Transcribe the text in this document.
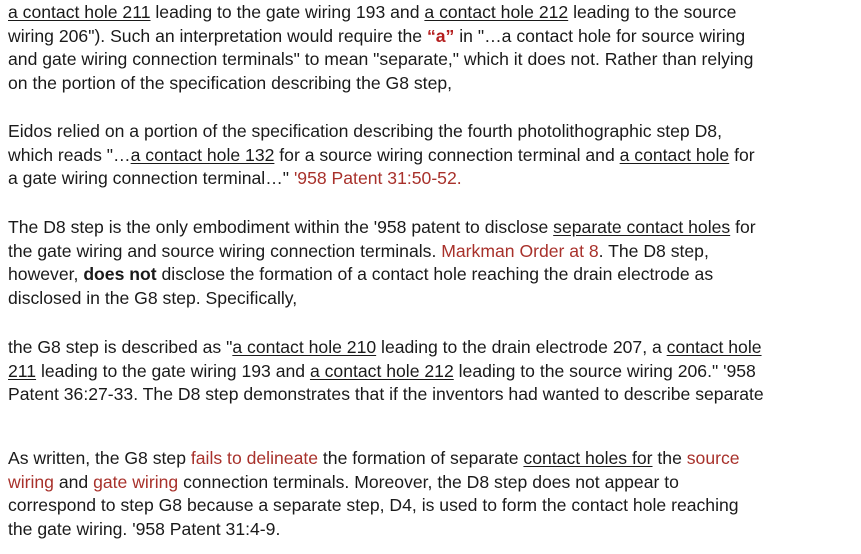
a contact hole 211 leading to the gate wiring 193 and a contact hole 212 leading to the source
wiring 206"). Such an interpretation would require the “a” in "…a contact hole for source wiring
and gate wiring connection terminals" to mean "separate," which it does not. Rather than relying
on the portion of the specification describing the G8 step,
Eidos relied on a portion of the specification describing the fourth photolithographic step D8,
which reads "…a contact hole 132 for a source wiring connection terminal and a contact hole for
a gate wiring connection terminal…" '958 Patent 31:50-52.
The D8 step is the only embodiment within the '958 patent to disclose separate contact holes for
the gate wiring and source wiring connection terminals. Markman Order at 8. The D8 step,
however, does not disclose the formation of a contact hole reaching the drain electrode as
disclosed in the G8 step. Specifically,
the G8 step is described as "a contact hole 210 leading to the drain electrode 207, a contact hole
211 leading to the gate wiring 193 and a contact hole 212 leading to the source wiring 206." '958
Patent 36:27-33. The D8 step demonstrates that if the inventors had wanted to describe separate
As written, the G8 step fails to delineate the formation of separate contact holes for the source
wiring and gate wiring connection terminals. Moreover, the D8 step does not appear to
correspond to step G8 because a separate step, D4, is used to form the contact hole reaching
the gate wiring. '958 Patent 31:4-9.
